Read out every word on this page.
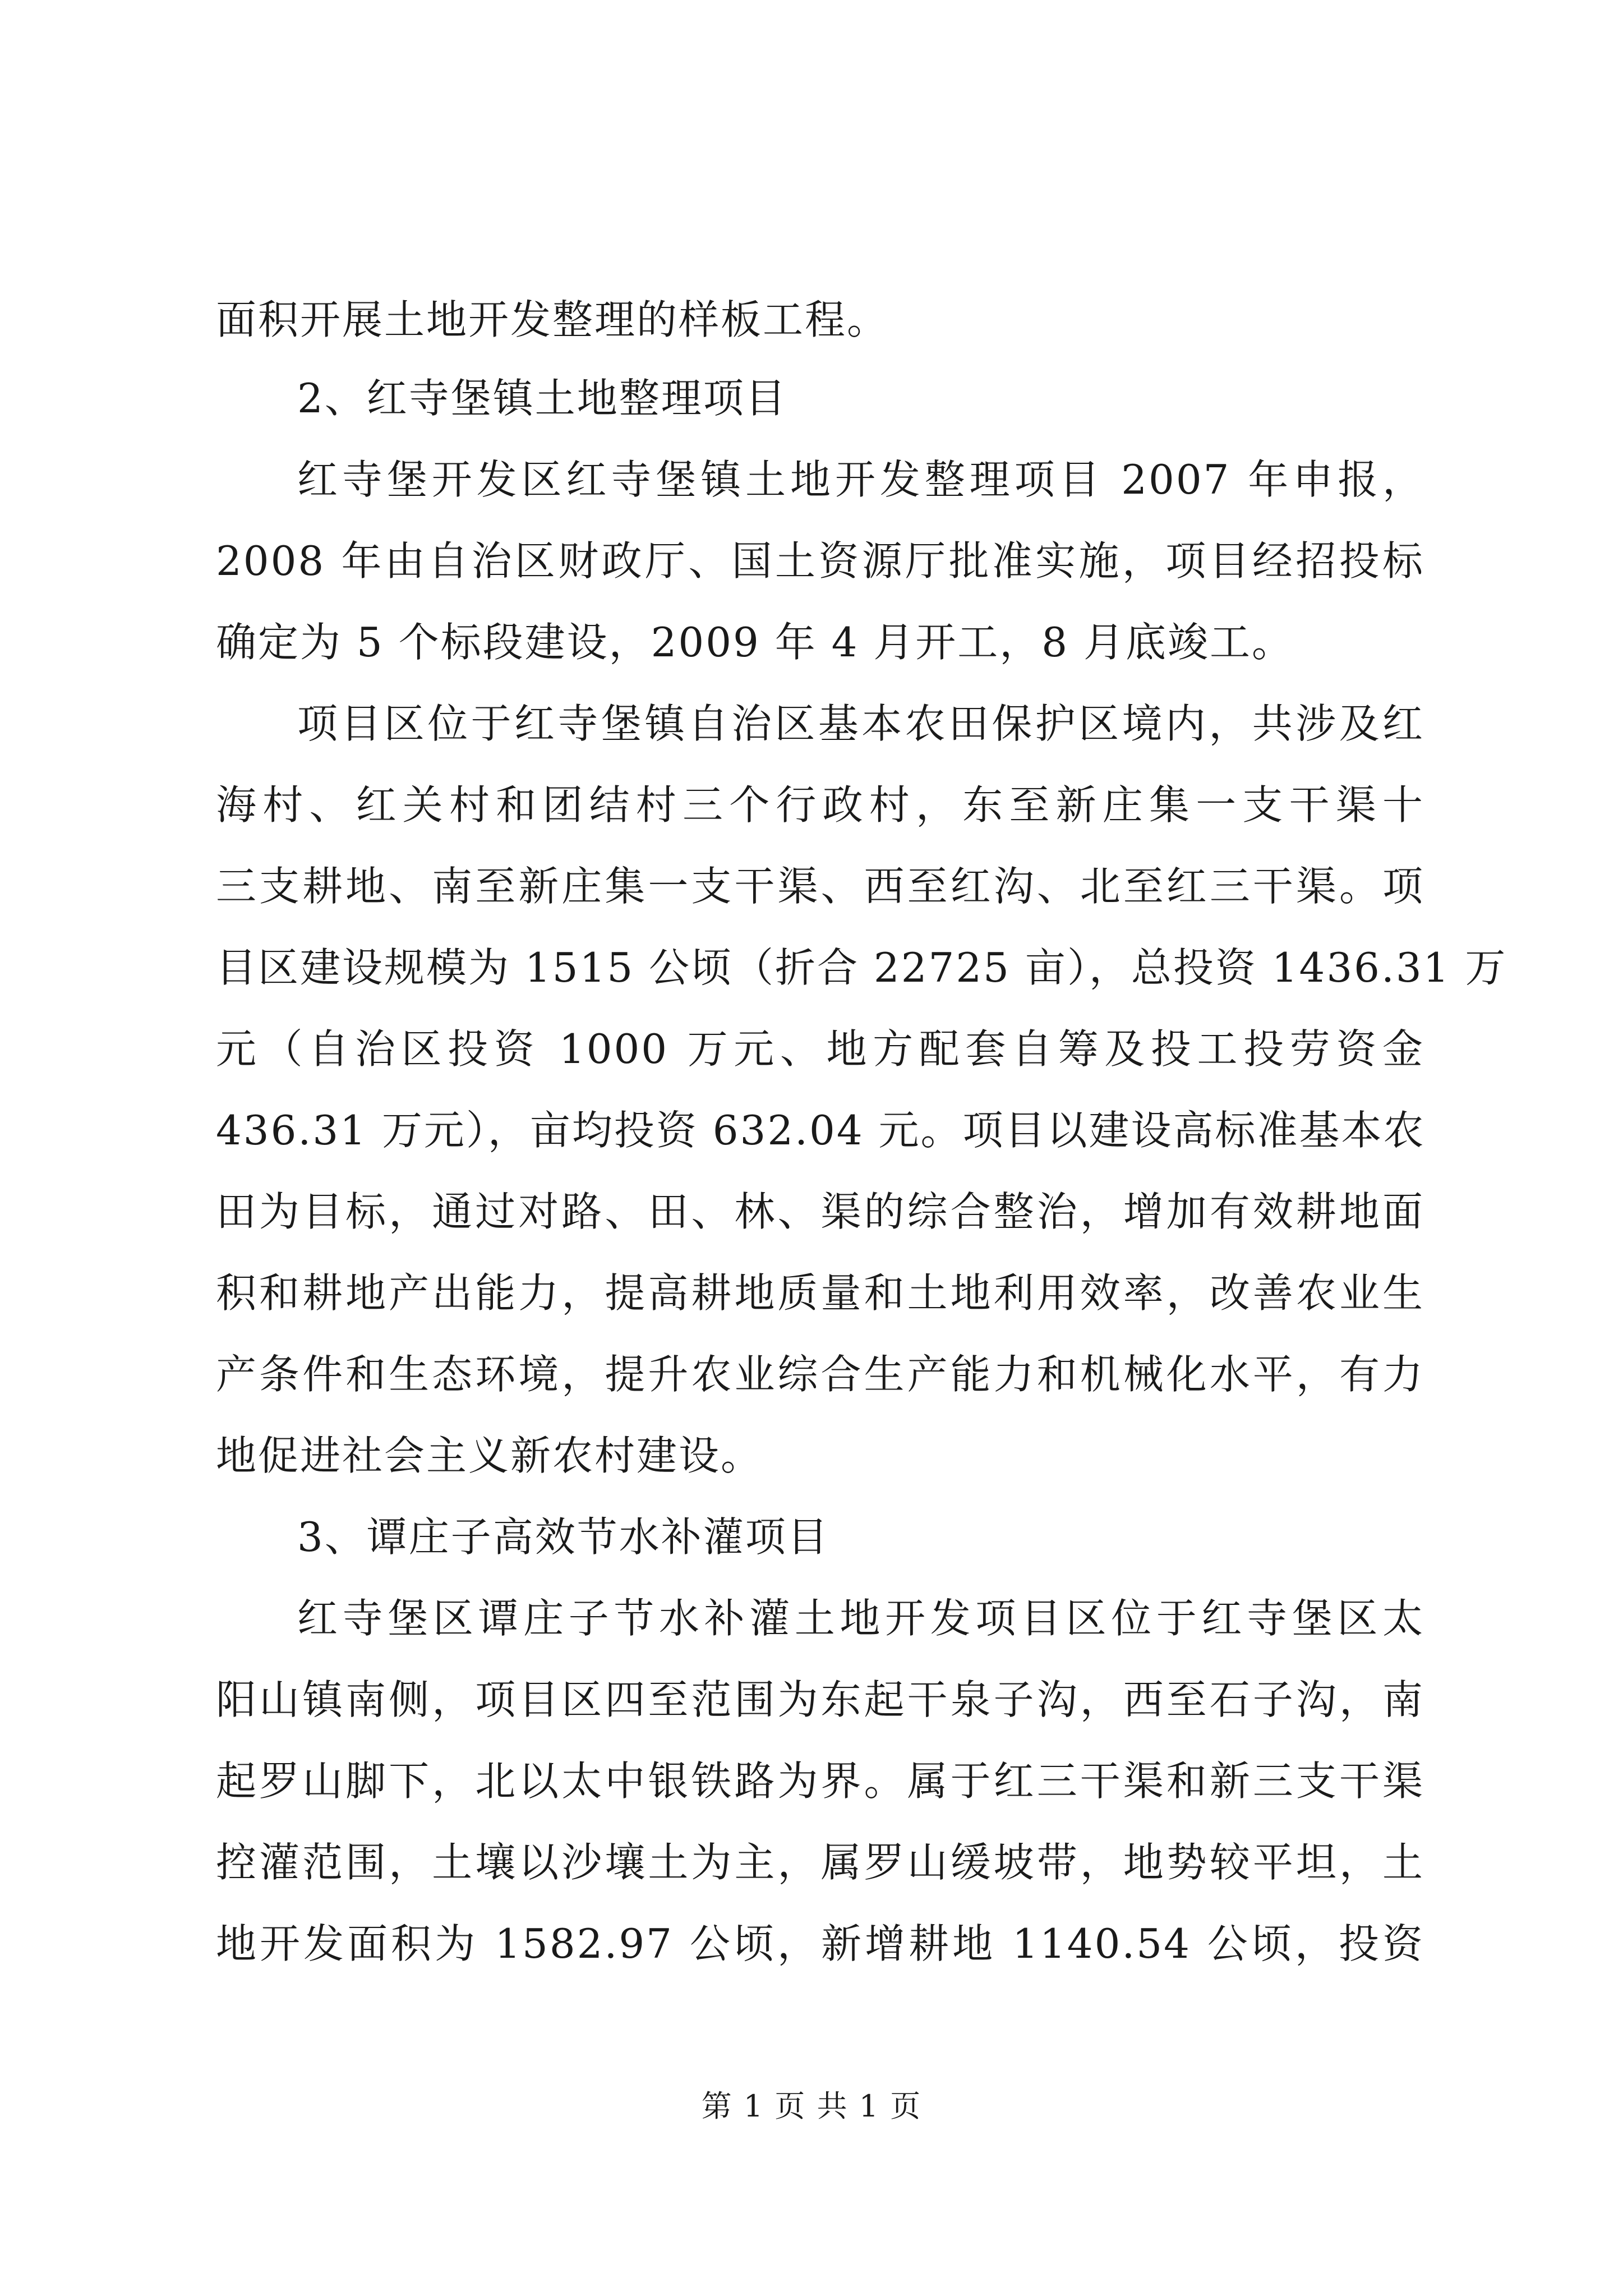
面积开展土地开发整理的样板工程。
2、红寺堡镇土地整理项目
红寺堡开发区红寺堡镇土地开发整理项目 2007 年申报，
2008 年由自治区财政厅、国土资源厅批准实施，项目经招投标
确定为 5 个标段建设，2009 年 4 月开工，8 月底竣工。
项目区位于红寺堡镇自治区基本农田保护区境内，共涉及红
海村、红关村和团结村三个行政村，东至新庄集一支干渠十
三支耕地、南至新庄集一支干渠、西至红沟、北至红三干渠。项
目区建设规模为 1515 公顷（折合 22725 亩），总投资 1436.31 万
元（自治区投资 1000 万元、地方配套自筹及投工投劳资金
436.31 万元），亩均投资 632.04 元。项目以建设高标准基本农
田为目标，通过对路、田、林、渠的综合整治，增加有效耕地面
积和耕地产出能力，提高耕地质量和土地利用效率，改善农业生
产条件和生态环境，提升农业综合生产能力和机械化水平，有力
地促进社会主义新农村建设。
3、谭庄子高效节水补灌项目
红寺堡区谭庄子节水补灌土地开发项目区位于红寺堡区太
阳山镇南侧，项目区四至范围为东起干泉子沟，西至石子沟，南
起罗山脚下，北以太中银铁路为界。属于红三干渠和新三支干渠
控灌范围，土壤以沙壤土为主，属罗山缓坡带，地势较平坦，土
地开发面积为 1582.97 公顷，新增耕地 1140.54 公顷，投资
第 1 页 共 1 页
